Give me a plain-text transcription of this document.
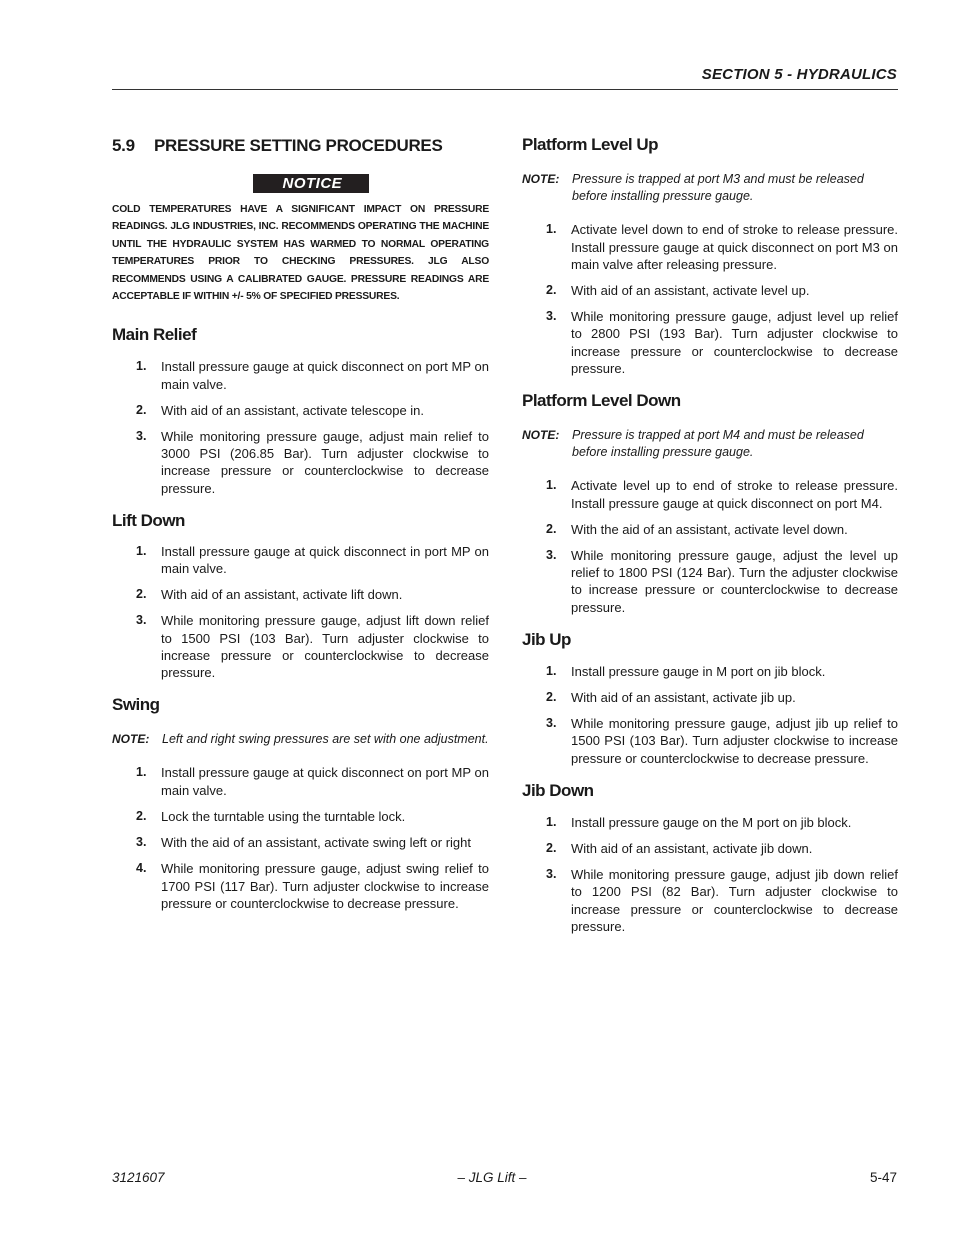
SECTION 5 - HYDRAULICS
5.9 PRESSURE SETTING PROCEDURES
NOTICE
COLD TEMPERATURES HAVE A SIGNIFICANT IMPACT ON PRESSURE READINGS. JLG INDUSTRIES, INC. RECOMMENDS OPERATING THE MACHINE UNTIL THE HYDRAULIC SYSTEM HAS WARMED TO NORMAL OPERATING TEMPERATURES PRIOR TO CHECKING PRESSURES. JLG ALSO RECOMMENDS USING A CALIBRATED GAUGE. PRESSURE READINGS ARE ACCEPTABLE IF WITHIN +/- 5% OF SPECIFIED PRESSURES.
Main Relief
1. Install pressure gauge at quick disconnect on port MP on main valve.
2. With aid of an assistant, activate telescope in.
3. While monitoring pressure gauge, adjust main relief to 3000 PSI (206.85 Bar). Turn adjuster clockwise to increase pressure or counterclockwise to decrease pressure.
Lift Down
1. Install pressure gauge at quick disconnect in port MP on main valve.
2. With aid of an assistant, activate lift down.
3. While monitoring pressure gauge, adjust lift down relief to 1500 PSI (103 Bar). Turn adjuster clockwise to increase pressure or counterclockwise to decrease pressure.
Swing
NOTE: Left and right swing pressures are set with one adjustment.
1. Install pressure gauge at quick disconnect on port MP on main valve.
2. Lock the turntable using the turntable lock.
3. With the aid of an assistant, activate swing left or right
4. While monitoring pressure gauge, adjust swing relief to 1700 PSI (117 Bar). Turn adjuster clockwise to increase pressure or counterclockwise to decrease pressure.
Platform Level Up
NOTE: Pressure is trapped at port M3 and must be released before installing pressure gauge.
1. Activate level down to end of stroke to release pressure. Install pressure gauge at quick disconnect on port M3 on main valve after releasing pressure.
2. With aid of an assistant, activate level up.
3. While monitoring pressure gauge, adjust level up relief to 2800 PSI (193 Bar). Turn adjuster clockwise to increase pressure or counterclockwise to decrease pressure.
Platform Level Down
NOTE: Pressure is trapped at port M4 and must be released before installing pressure gauge.
1. Activate level up to end of stroke to release pressure. Install pressure gauge at quick disconnect on port M4.
2. With the aid of an assistant, activate level down.
3. While monitoring pressure gauge, adjust the level up relief to 1800 PSI (124 Bar). Turn the adjuster clockwise to increase pressure or counterclockwise to decrease pressure.
Jib Up
1. Install pressure gauge in M port on jib block.
2. With aid of an assistant, activate jib up.
3. While monitoring pressure gauge, adjust jib up relief to 1500 PSI (103 Bar). Turn adjuster clockwise to increase pressure or counterclockwise to decrease pressure.
Jib Down
1. Install pressure gauge on the M port on jib block.
2. With aid of an assistant, activate jib down.
3. While monitoring pressure gauge, adjust jib down relief to 1200 PSI (82 Bar). Turn adjuster clockwise to increase pressure or counterclockwise to decrease pressure.
3121607	– JLG Lift –	5-47
